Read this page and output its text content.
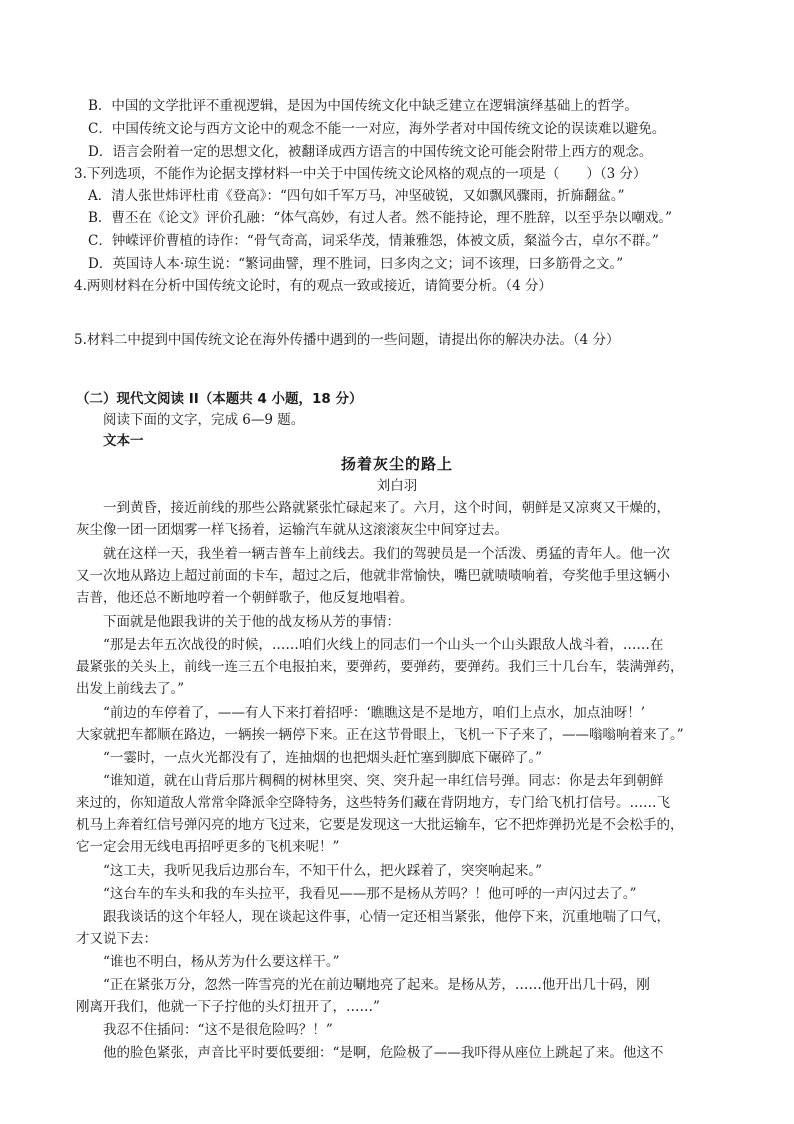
B．中国的文学批评不重视逻辑，是因为中国传统文化中缺乏建立在逻辑演绎基础上的哲学。
C．中国传统文论与西方文论中的观念不能一一对应，海外学者对中国传统文论的误读难以避免。
D．语言会附着一定的思想文化，被翻译成西方语言的中国传统文论可能会附带上西方的观念。
3.下列选项，不能作为论据支撑材料一中关于中国传统文论风格的观点的一项是（　　）（3 分）
A．清人张世炜评杜甫《登高》：“四句如千军万马，冲坚破锐，又如飘风骤雨，折旆翻盆。”
B．曹丕在《论文》评价孔融：“体气高妙，有过人者。然不能持论，理不胜辞，以至乎杂以嘲戏。”
C．钟嵘评价曹植的诗作：“骨气奇高，词采华茂，情兼雅怨，体被文质，粲溢今古，卓尔不群。”
D．英国诗人本·琼生说：“繁词曲譬，理不胜词，曰多肉之文；词不该理，曰多筋骨之文。”
4.两则材料在分析中国传统文论时，有的观点一致或接近，请简要分析。（4 分）
5.材料二中提到中国传统文论在海外传播中遇到的一些问题，请提出你的解决办法。（4 分）
（二）现代文阅读 II（本题共 4 小题，18 分）
阅读下面的文字，完成 6—9 题。
文本一
扬着灰尘的路上
刘白羽
一到黄昏，接近前线的那些公路就紧张忙碌起来了。六月，这个时间，朝鲜是又凉爽又干燥的，
灰尘像一团一团烟雾一样飞扬着，运输汽车就从这滚滚灰尘中间穿过去。
就在这样一天，我坐着一辆吉普车上前线去。我们的驾驶员是一个活泼、勇猛的青年人。他一次
又一次地从路边上超过前面的卡车，超过之后，他就非常愉快，嘴巴就啧啧响着，夸奖他手里这辆小
吉普，他还总不断地哼着一个朝鲜歌子，他反复地唱着。
下面就是他跟我讲的关于他的战友杨从芳的事情：
“那是去年五次战役的时候，……咱们火线上的同志们一个山头一个山头跟敌人战斗着，……在
最紧张的关头上，前线一连三五个电报拍来，要弹药，要弹药，要弹药。我们三十几台车，装满弹药，
出发上前线去了。”
“前边的车停着了，——有人下来打着招呼：‘瞧瞧这是不是地方，咱们上点水，加点油呀！’
大家就把车都顺在路边，一辆挨一辆停下来。正在这节骨眼上，飞机一下子来了，——嗡嗡响着来了。”
“一霎时，一点火光都没有了，连抽烟的也把烟头赶忙塞到脚底下碾碎了。”
“谁知道，就在山背后那片稠稠的树林里突、突、突升起一串红信号弹。同志：你是去年到朝鲜
来过的，你知道敌人常常伞降派伞空降特务，这些特务们藏在背阴地方，专门给飞机打信号。……飞
机马上奔着红信号弹闪亮的地方飞过来，它要是发现这一大批运输车，它不把炸弹扔光是不会松手的，
它一定会用无线电再招呼更多的飞机来呢！”
“这工夫，我听见我后边那台车，不知干什么，把火踩着了，突突响起来。”
“这台车的车头和我的车头拉平，我看见——那不是杨从芳吗？！他可呼的一声闪过去了。”
跟我谈话的这个年轻人，现在谈起这件事，心情一定还相当紧张，他停下来，沉重地喘了口气，
才又说下去：
“谁也不明白，杨从芳为什么要这样干。”
“正在紧张万分，忽然一阵雪亮的光在前边唰地亮了起来。是杨从芳，……他开出几十码，刚
刚离开我们，他就一下子拧他的头灯扭开了，……”
我忍不住插问：“这不是很危险吗？！”
他的脸色紧张，声音比平时要低要细：“是啊，危险极了——我吓得从座位上跳起了来。他这不
